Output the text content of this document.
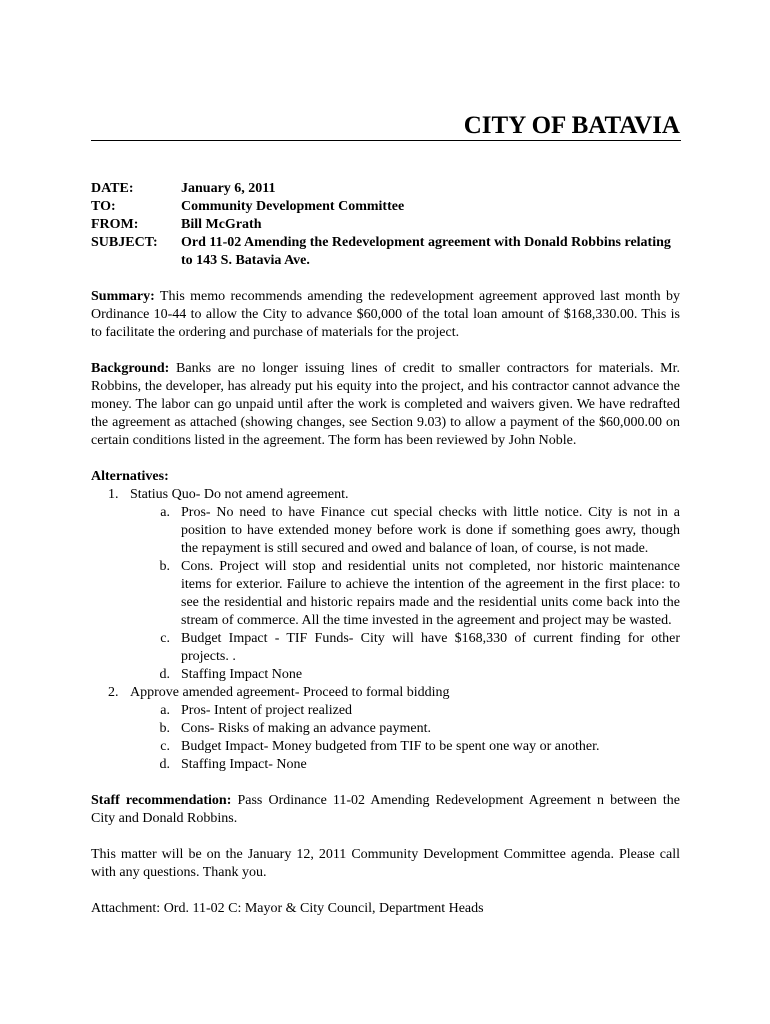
CITY OF BATAVIA
DATE:	January 6, 2011
TO:	Community Development Committee
FROM:	Bill McGrath
SUBJECT:	Ord 11-02 Amending the Redevelopment agreement with Donald Robbins relating to 143 S. Batavia Ave.
Summary: This memo recommends amending the redevelopment agreement approved last month by Ordinance 10-44 to allow the City to advance $60,000 of the total loan amount of $168,330.00. This is to facilitate the ordering and purchase of materials for the project.
Background: Banks are no longer issuing lines of credit to smaller contractors for materials. Mr. Robbins, the developer, has already put his equity into the project, and his contractor cannot advance the money. The labor can go unpaid until after the work is completed and waivers given. We have redrafted the agreement as attached (showing changes, see Section 9.03) to allow a payment of the $60,000.00 on certain conditions listed in the agreement. The form has been reviewed by John Noble.
Alternatives:
1. Statius Quo- Do not amend agreement.
a. Pros- No need to have Finance cut special checks with little notice. City is not in a position to have extended money before work is done if something goes awry, though the repayment is still secured and owed and balance of loan, of course, is not made.
b. Cons. Project will stop and residential units not completed, nor historic maintenance items for exterior. Failure to achieve the intention of the agreement in the first place: to see the residential and historic repairs made and the residential units come back into the stream of commerce. All the time invested in the agreement and project may be wasted.
c. Budget Impact - TIF Funds- City will have $168,330 of current finding for other projects. .
d. Staffing Impact None
2. Approve amended agreement- Proceed to formal bidding
a. Pros- Intent of project realized
b. Cons- Risks of making an advance payment.
c. Budget Impact- Money budgeted from TIF to be spent one way or another.
d. Staffing Impact- None
Staff recommendation: Pass Ordinance 11-02 Amending Redevelopment Agreement n between the City and Donald Robbins.
This matter will be on the January 12, 2011 Community Development Committee agenda. Please call with any questions. Thank you.
Attachment: Ord. 11-02 C: Mayor & City Council, Department Heads
